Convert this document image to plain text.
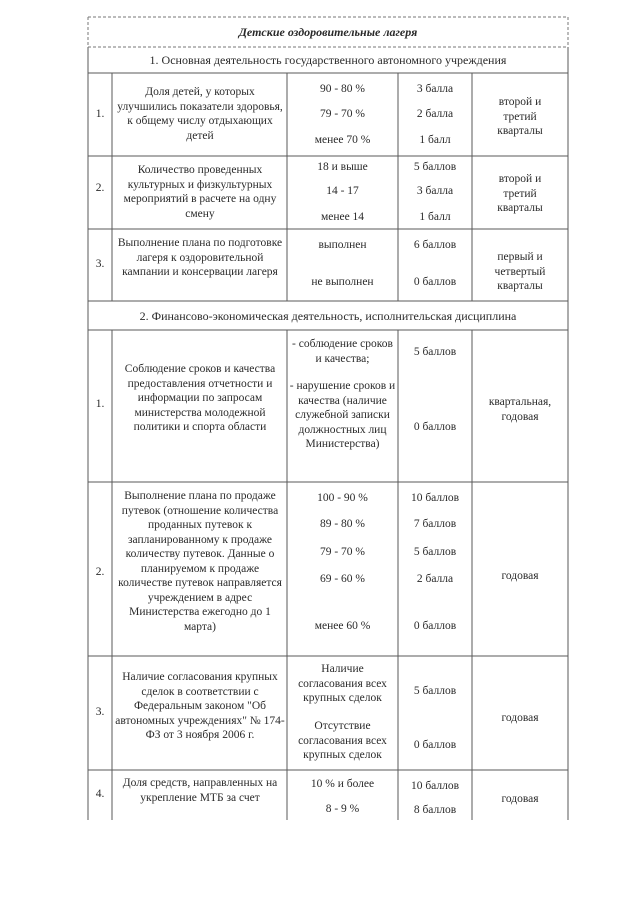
Детские оздоровительные лагеря
1. Основная деятельность государственного автономного учреждения
1.
Доля детей, у которых улучшились показатели здоровья, к общему числу отдыхающих детей
90 - 80 %
79 - 70 %
менее 70 %
3 балла
2 балла
1 балл
второй и третий кварталы
2.
Количество проведенных культурных и физкультурных мероприятий в расчете на одну смену
18 и выше
14 - 17
менее 14
5 баллов
3 балла
1 балл
второй и третий кварталы
3.
Выполнение плана по подготовке лагеря к оздоровительной кампании и консервации лагеря
выполнен
не выполнен
6 баллов
0 баллов
первый и четвертый кварталы
2. Финансово-экономическая деятельность, исполнительская дисциплина
1.
Соблюдение сроков и качества предоставления отчетности и информации по запросам министерства молодежной политики и спорта области
- соблюдение сроков и качества;
- нарушение сроков и качества (наличие служебной записки должностных лиц Министерства)
5 баллов
0 баллов
квартальная, годовая
2.
Выполнение плана по продаже путевок (отношение количества проданных путевок к запланированному к продаже количеству путевок. Данные о планируемом к продаже количестве путевок направляется учреждением в адрес Министерства ежегодно до 1 марта)
100 - 90 %
89 - 80 %
79 - 70 %
69 - 60 %
менее 60 %
10 баллов
7 баллов
5 баллов
2 балла
0 баллов
годовая
3.
Наличие согласования крупных сделок в соответствии с Федеральным законом "Об автономных учреждениях" № 174-ФЗ от 3 ноября 2006 г.
Наличие согласования всех крупных сделок
Отсутствие согласования всех крупных сделок
5 баллов
0 баллов
годовая
4.
Доля средств, направленных на укрепление МТБ за счет
10 % и более
8 - 9 %
10 баллов
8 баллов
годовая
